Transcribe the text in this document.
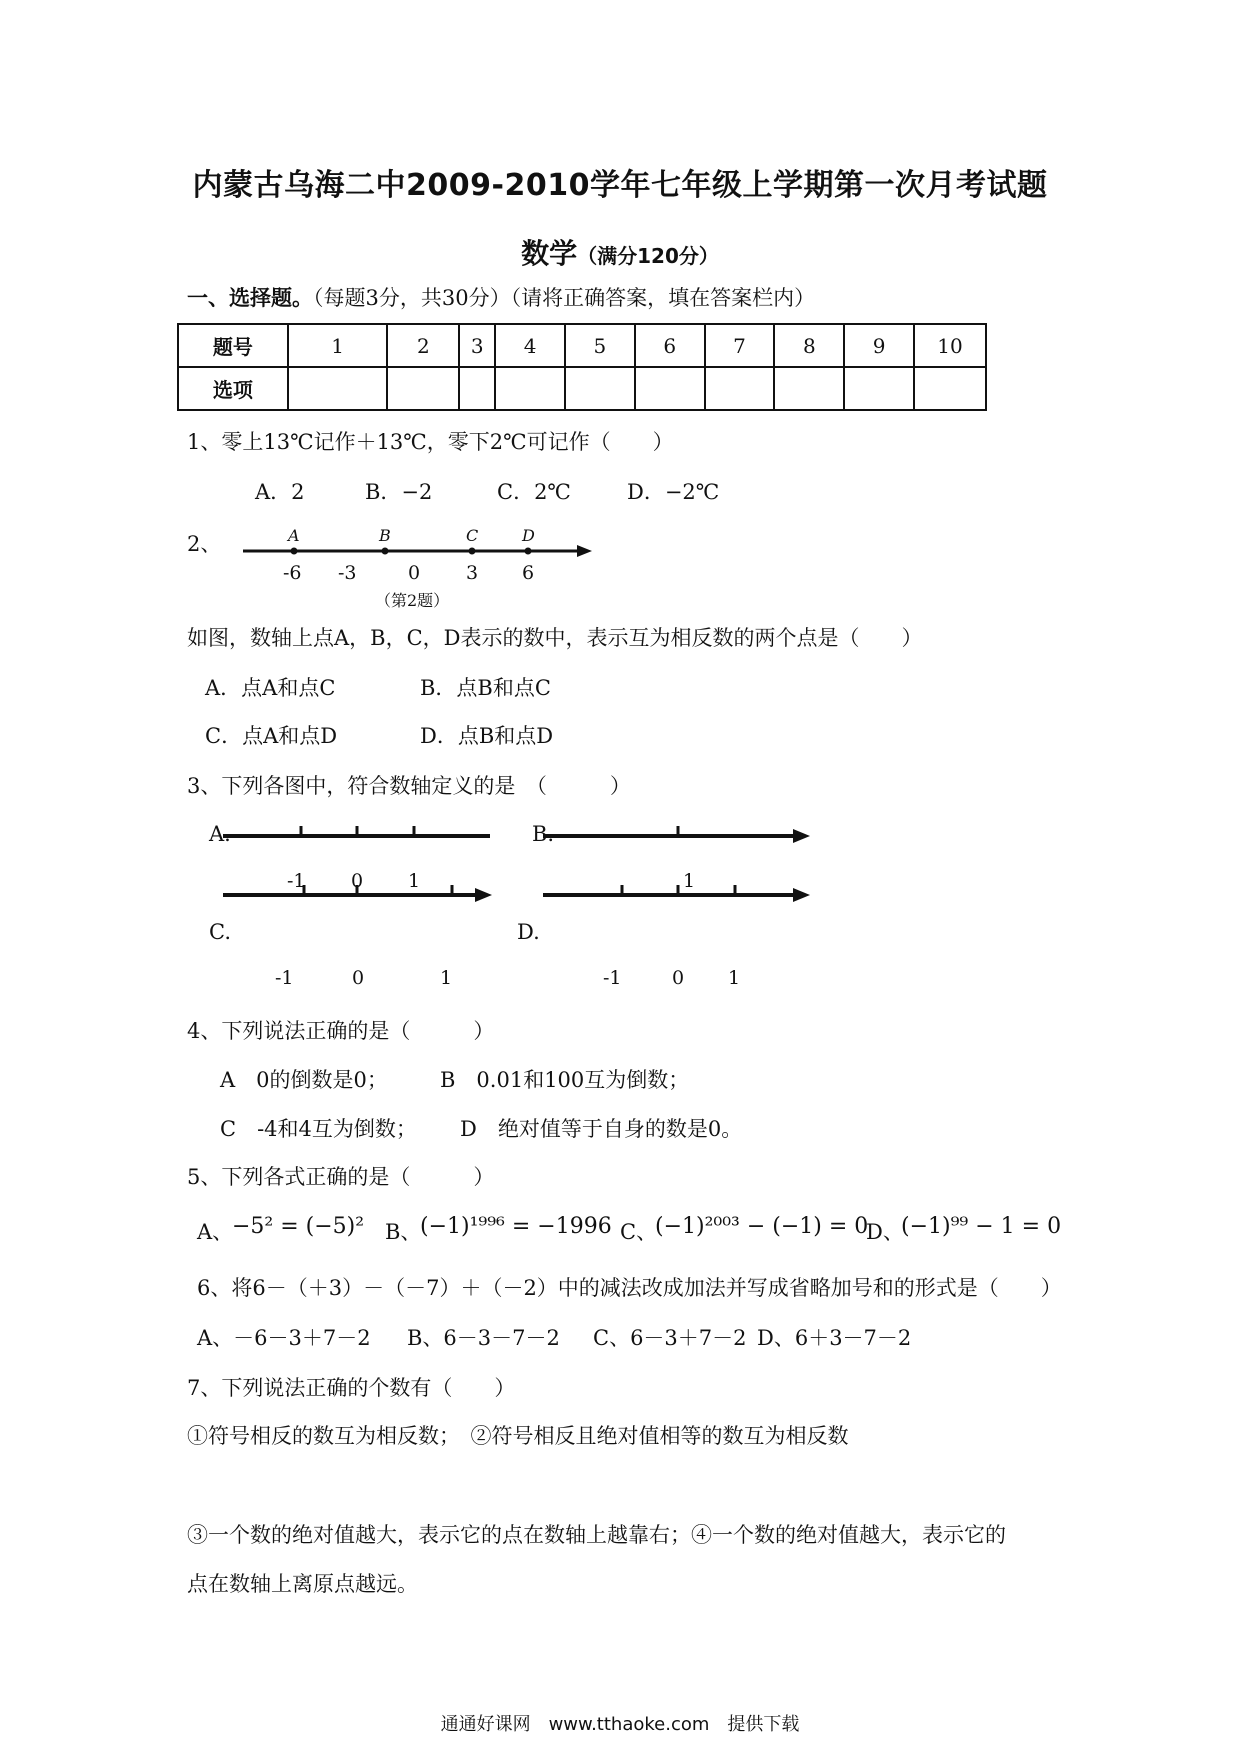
内蒙古乌海二中2009-2010学年七年级上学期第一次月考试题
数学（满分120分）
一、选择题。（每题3分，共30分）（请将正确答案，填在答案栏内）
题号	1	2	3	4	5	6	7	8	9	10
选项										
1、零上13℃记作＋13℃，零下2℃可记作（　　）
A．2	B．−2	C．2℃	D．−2℃
2、	A	B	C	D
-6 -3	0 3 6
（第2题）
如图，数轴上点A，B，C，D表示的数中，表示互为相反数的两个点是（　　）
A．点A和点C	B．点B和点C
C．点A和点D	D．点B和点D
3、下列各图中，符合数轴定义的是　（　　　）
A.	B.
-1 0 1	1
C.	D.
-1	0	1	-1	0 1
4、下列说法正确的是（　　　）
A　0的倒数是0； B　0.01和100互为倒数；
C　-4和4互为倒数； D　绝对值等于自身的数是0。
5、下列各式正确的是（　　　）
A、
−5² = (−5)² B、
(−1)¹⁹⁹⁶ = −1996 C、
(−1)²⁰⁰³ − (−1) = 0
D、
(−1)⁹⁹ − 1 = 0
6、将6－（＋3）－（－7）＋（－2）中的减法改成加法并写成省略加号和的形式是（　　）
A、－6－3＋7－2 B、6－3－7－2 C、6－3＋7－2 D、6＋3－7－2
7、下列说法正确的个数有（　　）
①符号相反的数互为相反数；　②符号相反且绝对值相等的数互为相反数
③一个数的绝对值越大，表示它的点在数轴上越靠右；④一个数的绝对值越大，表示它的
点在数轴上离原点越远。
通通好课网　www.tthaoke.com　提供下载
